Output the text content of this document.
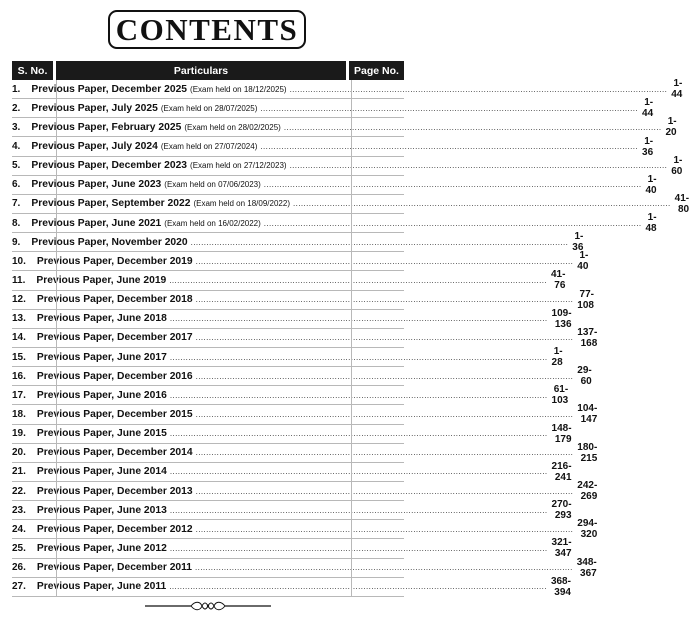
CONTENTS
S. No.	Particulars	Page No.
1. Previous Paper, December 2025 (Exam held on 18/12/2025) ................................................................................................................................................ 1-44
2. Previous Paper, July 2025 (Exam held on 28/07/2025) ................................................................................................................................................ 1-44
3. Previous Paper, February 2025 (Exam held on 28/02/2025) ................................................................................................................................................ 1-20
4. Previous Paper, July 2024 (Exam held on 27/07/2024) ................................................................................................................................................ 1-36
5. Previous Paper, December 2023 (Exam held on 27/12/2023) ................................................................................................................................................ 1-60
6. Previous Paper, June 2023 (Exam held on 07/06/2023) ................................................................................................................................................ 1-40
7. Previous Paper, September 2022 (Exam held on 18/09/2022) ................................................................................................................................................ 41-80
8. Previous Paper, June 2021 (Exam held on 16/02/2022) ................................................................................................................................................ 1-48
9. Previous Paper, November 2020 ................................................................................................................................................ 1-36
10. Previous Paper, December 2019 ................................................................................................................................................ 1-40
11. Previous Paper, June 2019 ................................................................................................................................................ 41-76
12. Previous Paper, December 2018 ................................................................................................................................................ 77-108
13. Previous Paper, June 2018 ................................................................................................................................................ 109-136
14. Previous Paper, December 2017 ................................................................................................................................................ 137-168
15. Previous Paper, June 2017 ................................................................................................................................................ 1-28
16. Previous Paper, December 2016 ................................................................................................................................................ 29-60
17. Previous Paper, June 2016 ................................................................................................................................................ 61-103
18. Previous Paper, December 2015 ................................................................................................................................................ 104-147
19. Previous Paper, June 2015 ................................................................................................................................................ 148-179
20. Previous Paper, December 2014 ................................................................................................................................................ 180-215
21. Previous Paper, June 2014 ................................................................................................................................................ 216-241
22. Previous Paper, December 2013 ................................................................................................................................................ 242-269
23. Previous Paper, June 2013 ................................................................................................................................................ 270-293
24. Previous Paper, December 2012 ................................................................................................................................................ 294-320
25. Previous Paper, June 2012 ................................................................................................................................................ 321-347
26. Previous Paper, December 2011 ................................................................................................................................................ 348-367
27. Previous Paper, June 2011 ................................................................................................................................................ 368-394
